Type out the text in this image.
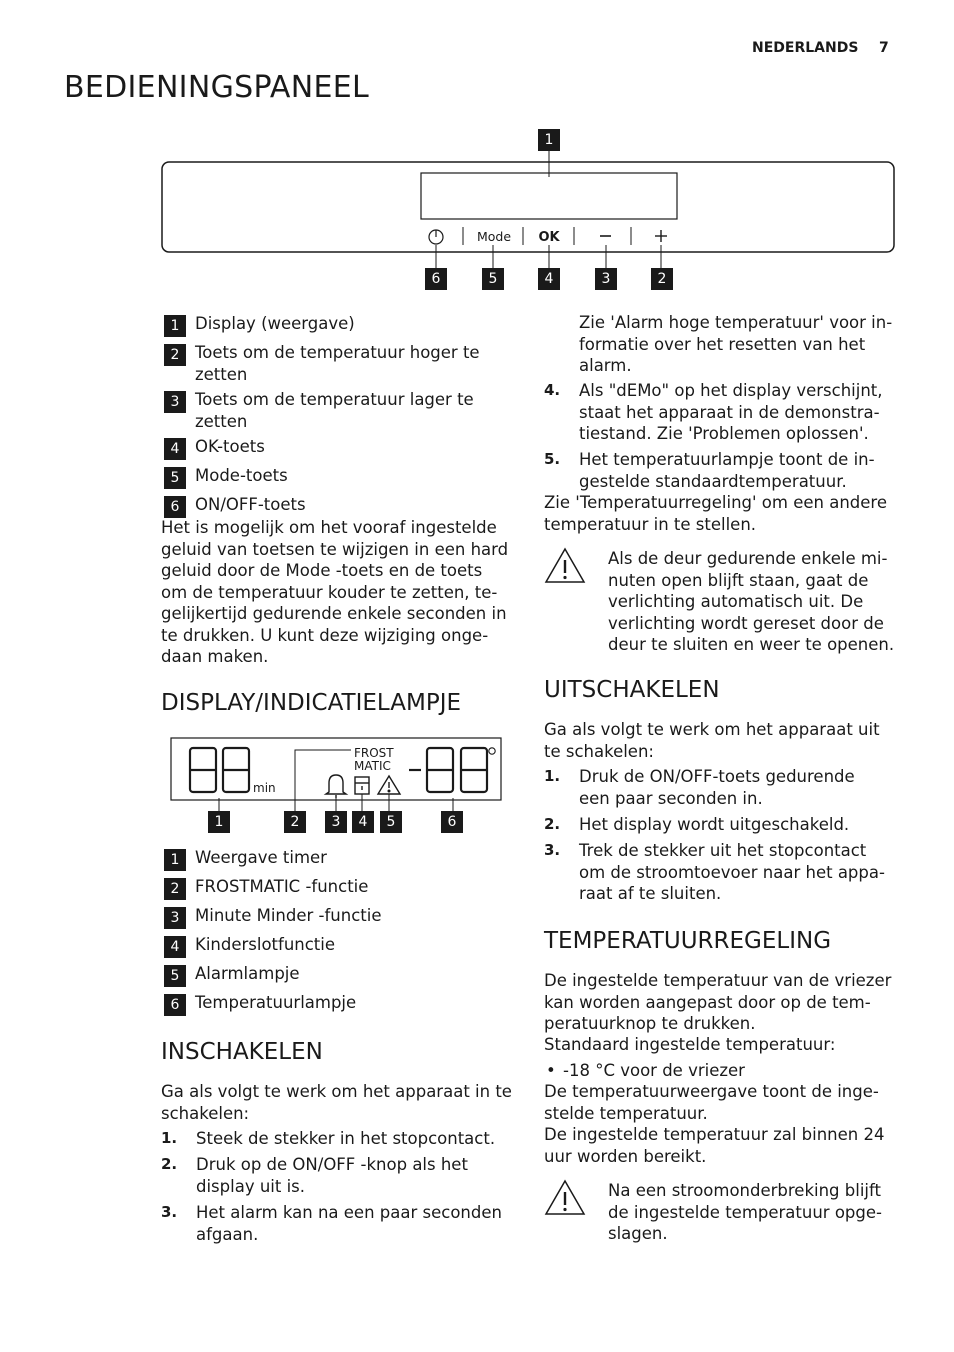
NEDERLANDS 7
BEDIENINGSPANEEL
Mode OK
1
6	5	4	3	2
1 Display (weergave)
2 Toets om de temperatuur hoger te zetten
3 Toets om de temperatuur lager te zetten
4 OK-toets
5 Mode-toets
6 ON/OFF-toets
Het is mogelijk om het vooraf ingestelde geluid van toetsen te wijzigen in een hard geluid door de Mode -toets en de toets om de temperatuur kouder te zetten, te- gelijkertijd gedurende enkele seconden in te drukken. U kunt deze wijziging onge- daan maken.
DISPLAY/INDICATIELAMPJE
min
FROST
MATIC
1	2	3	4	5	6
1 Weergave timer
2 FROSTMATIC -functie
3 Minute Minder -functie
4 Kinderslotfunctie
5 Alarmlampje
6 Temperatuurlampje
INSCHAKELEN
Ga als volgt te werk om het apparaat in te schakelen:
1. Steek de stekker in het stopcontact.
2. Druk op de ON/OFF -knop als het display uit is.
3. Het alarm kan na een paar seconden afgaan.
Zie 'Alarm hoge temperatuur' voor in- formatie over het resetten van het alarm.
4. Als "dEMo" op het display verschijnt, staat het apparaat in de demonstra- tiestand. Zie 'Problemen oplossen'.
5. Het temperatuurlampje toont de in- gestelde standaardtemperatuur.
Zie 'Temperatuurregeling' om een andere temperatuur in te stellen.
Als de deur gedurende enkele mi- nuten open blijft staan, gaat de verlichting automatisch uit. De verlichting wordt gereset door de deur te sluiten en weer te openen.
UITSCHAKELEN
Ga als volgt te werk om het apparaat uit te schakelen:
1. Druk de ON/OFF-toets gedurende een paar seconden in.
2. Het display wordt uitgeschakeld.
3. Trek de stekker uit het stopcontact om de stroomtoevoer naar het appa- raat af te sluiten.
TEMPERATUURREGELING
De ingestelde temperatuur van de vriezer kan worden aangepast door op de tem- peratuurknop te drukken.
Standaard ingestelde temperatuur:
• -18 °C voor de vriezer
De temperatuurweergave toont de inge- stelde temperatuur.
De ingestelde temperatuur zal binnen 24 uur worden bereikt.
Na een stroomonderbreking blijft de ingestelde temperatuur opge- slagen.
